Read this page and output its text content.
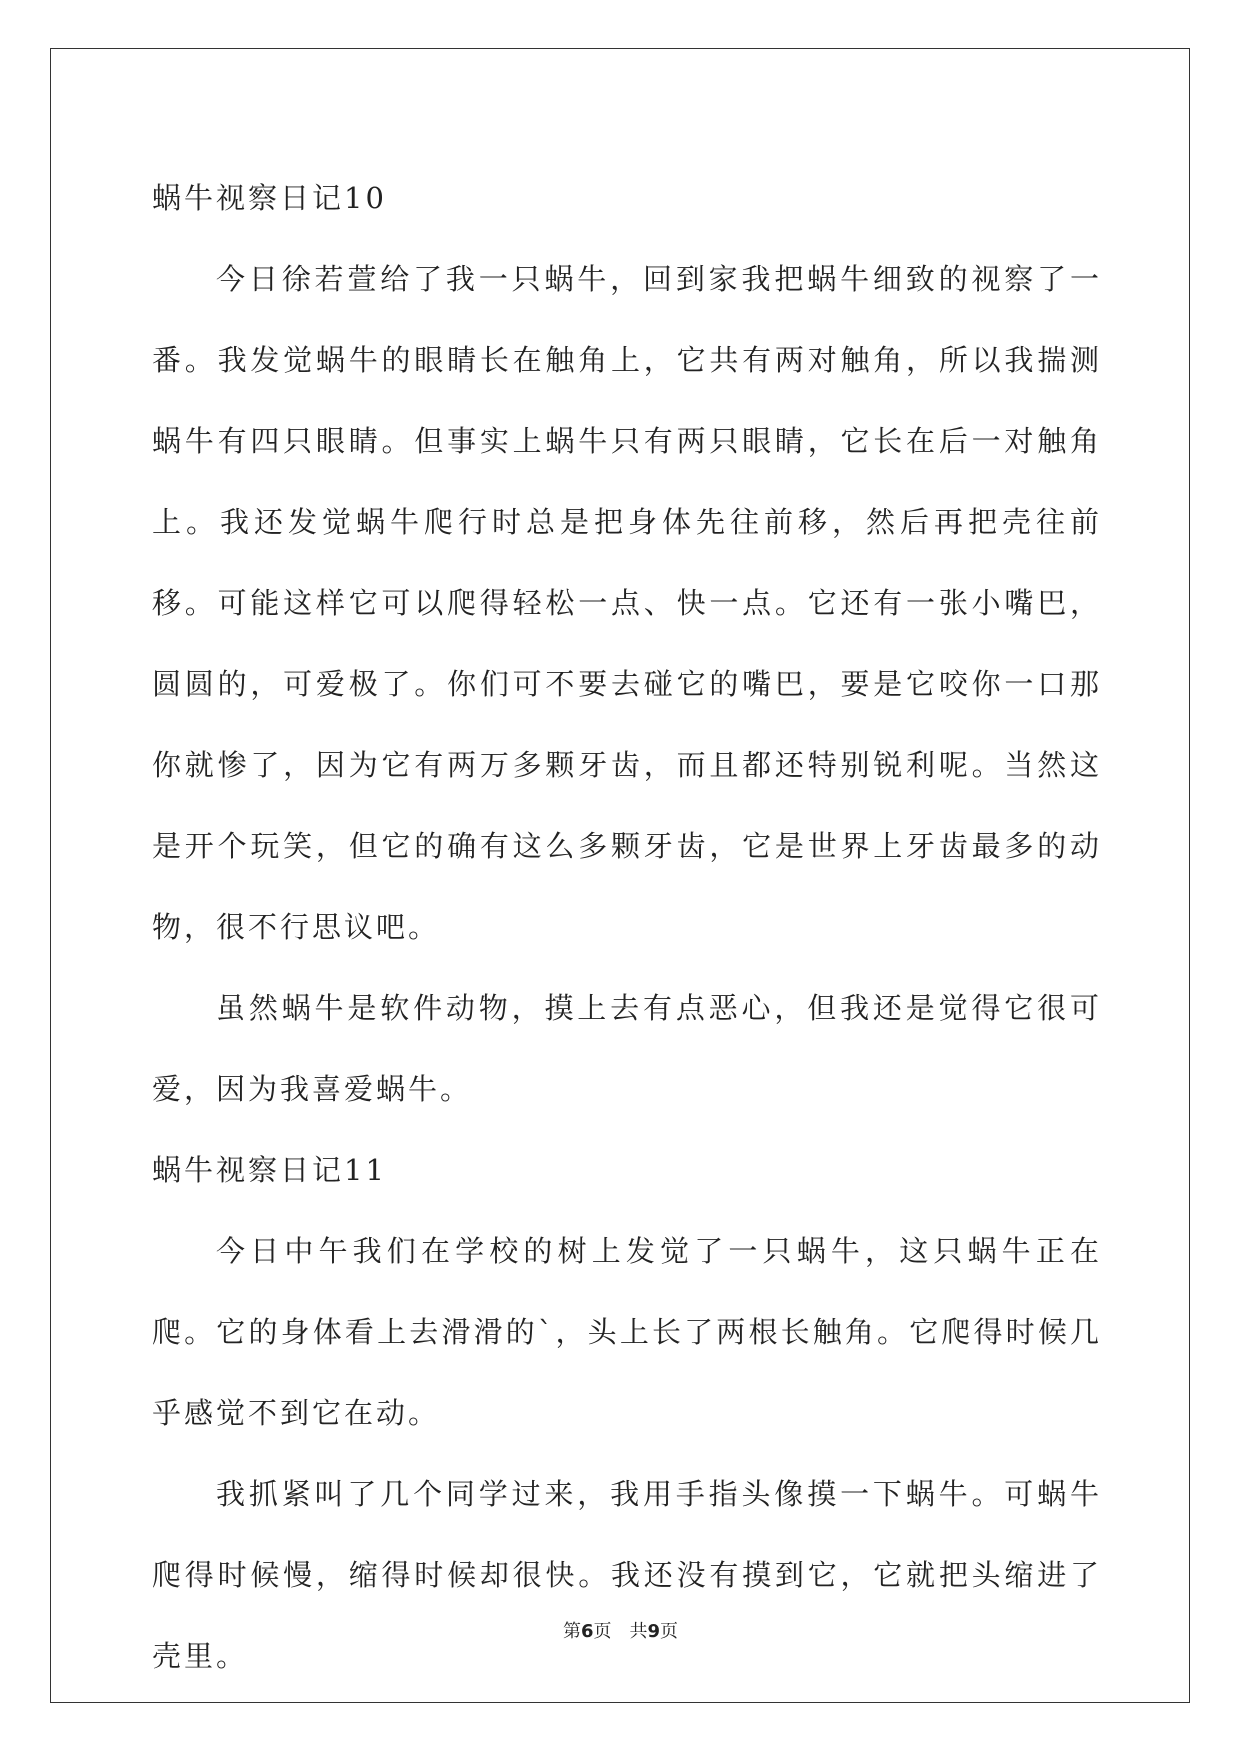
蜗牛视察日记10

今日徐若萱给了我一只蜗牛，回到家我把蜗牛细致的视察了一番。我发觉蜗牛的眼睛长在触角上，它共有两对触角，所以我揣测蜗牛有四只眼睛。但事实上蜗牛只有两只眼睛，它长在后一对触角上。我还发觉蜗牛爬行时总是把身体先往前移，然后再把壳往前移。可能这样它可以爬得轻松一点、快一点。它还有一张小嘴巴，圆圆的，可爱极了。你们可不要去碰它的嘴巴，要是它咬你一口那你就惨了，因为它有两万多颗牙齿，而且都还特别锐利呢。当然这是开个玩笑，但它的确有这么多颗牙齿，它是世界上牙齿最多的动物，很不行思议吧。

虽然蜗牛是软件动物，摸上去有点恶心，但我还是觉得它很可爱，因为我喜爱蜗牛。

蜗牛视察日记11

今日中午我们在学校的树上发觉了一只蜗牛，这只蜗牛正在爬。它的身体看上去滑滑的`，头上长了两根长触角。它爬得时候几乎感觉不到它在动。

我抓紧叫了几个同学过来，我用手指头像摸一下蜗牛。可蜗牛爬得时候慢，缩得时候却很快。我还没有摸到它，它就把头缩进了壳里。

第6页 共9页
